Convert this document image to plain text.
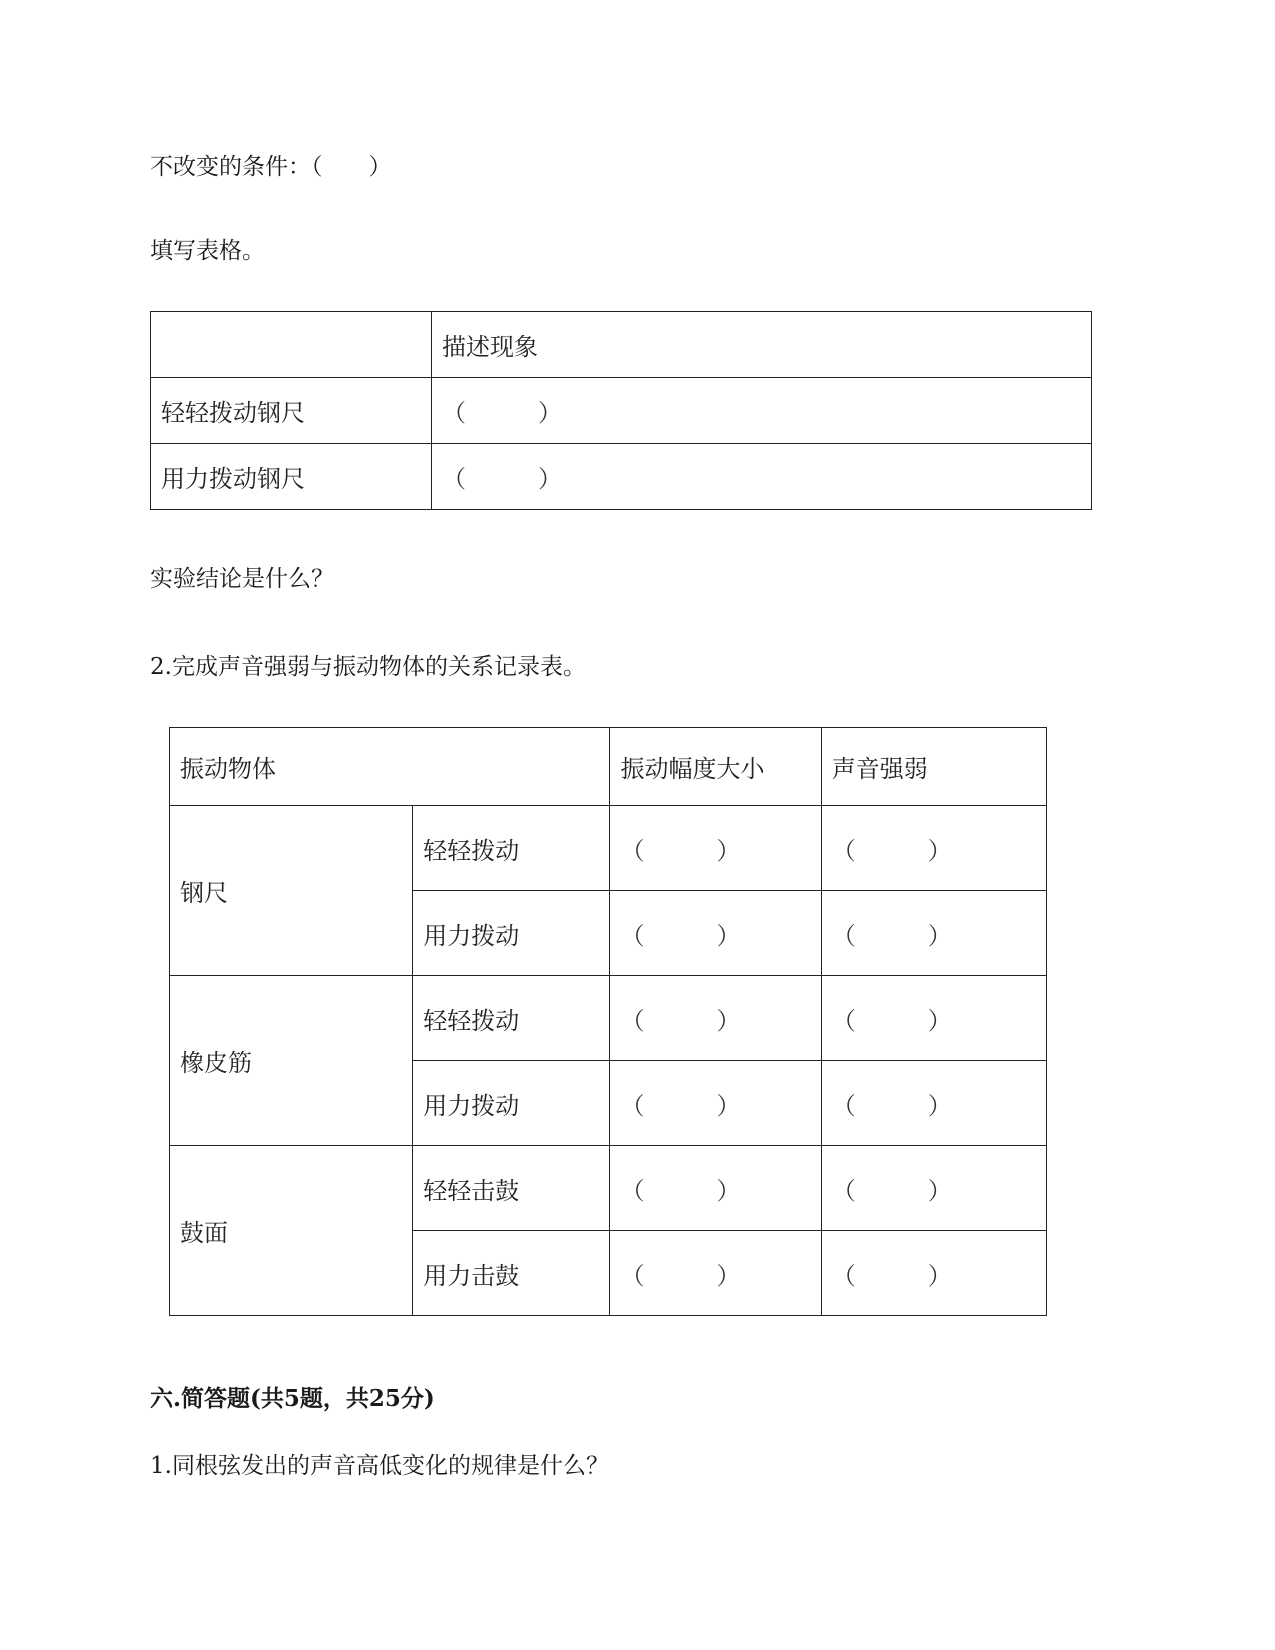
不改变的条件：（　　）
填写表格。
	描述现象
轻轻拨动钢尺	（　　　）
用力拨动钢尺	（　　　）
实验结论是什么？
2.完成声音强弱与振动物体的关系记录表。
振动物体		振动幅度大小	声音强弱
钢尺	轻轻拨动	（　　　）	（　　　）
	用力拨动	（　　　）	（　　　）
橡皮筋	轻轻拨动	（　　　）	（　　　）
	用力拨动	（　　　）	（　　　）
鼓面	轻轻击鼓	（　　　）	（　　　）
	用力击鼓	（　　　）	（　　　）
六.简答题(共5题，共25分)
1.同根弦发出的声音高低变化的规律是什么？
